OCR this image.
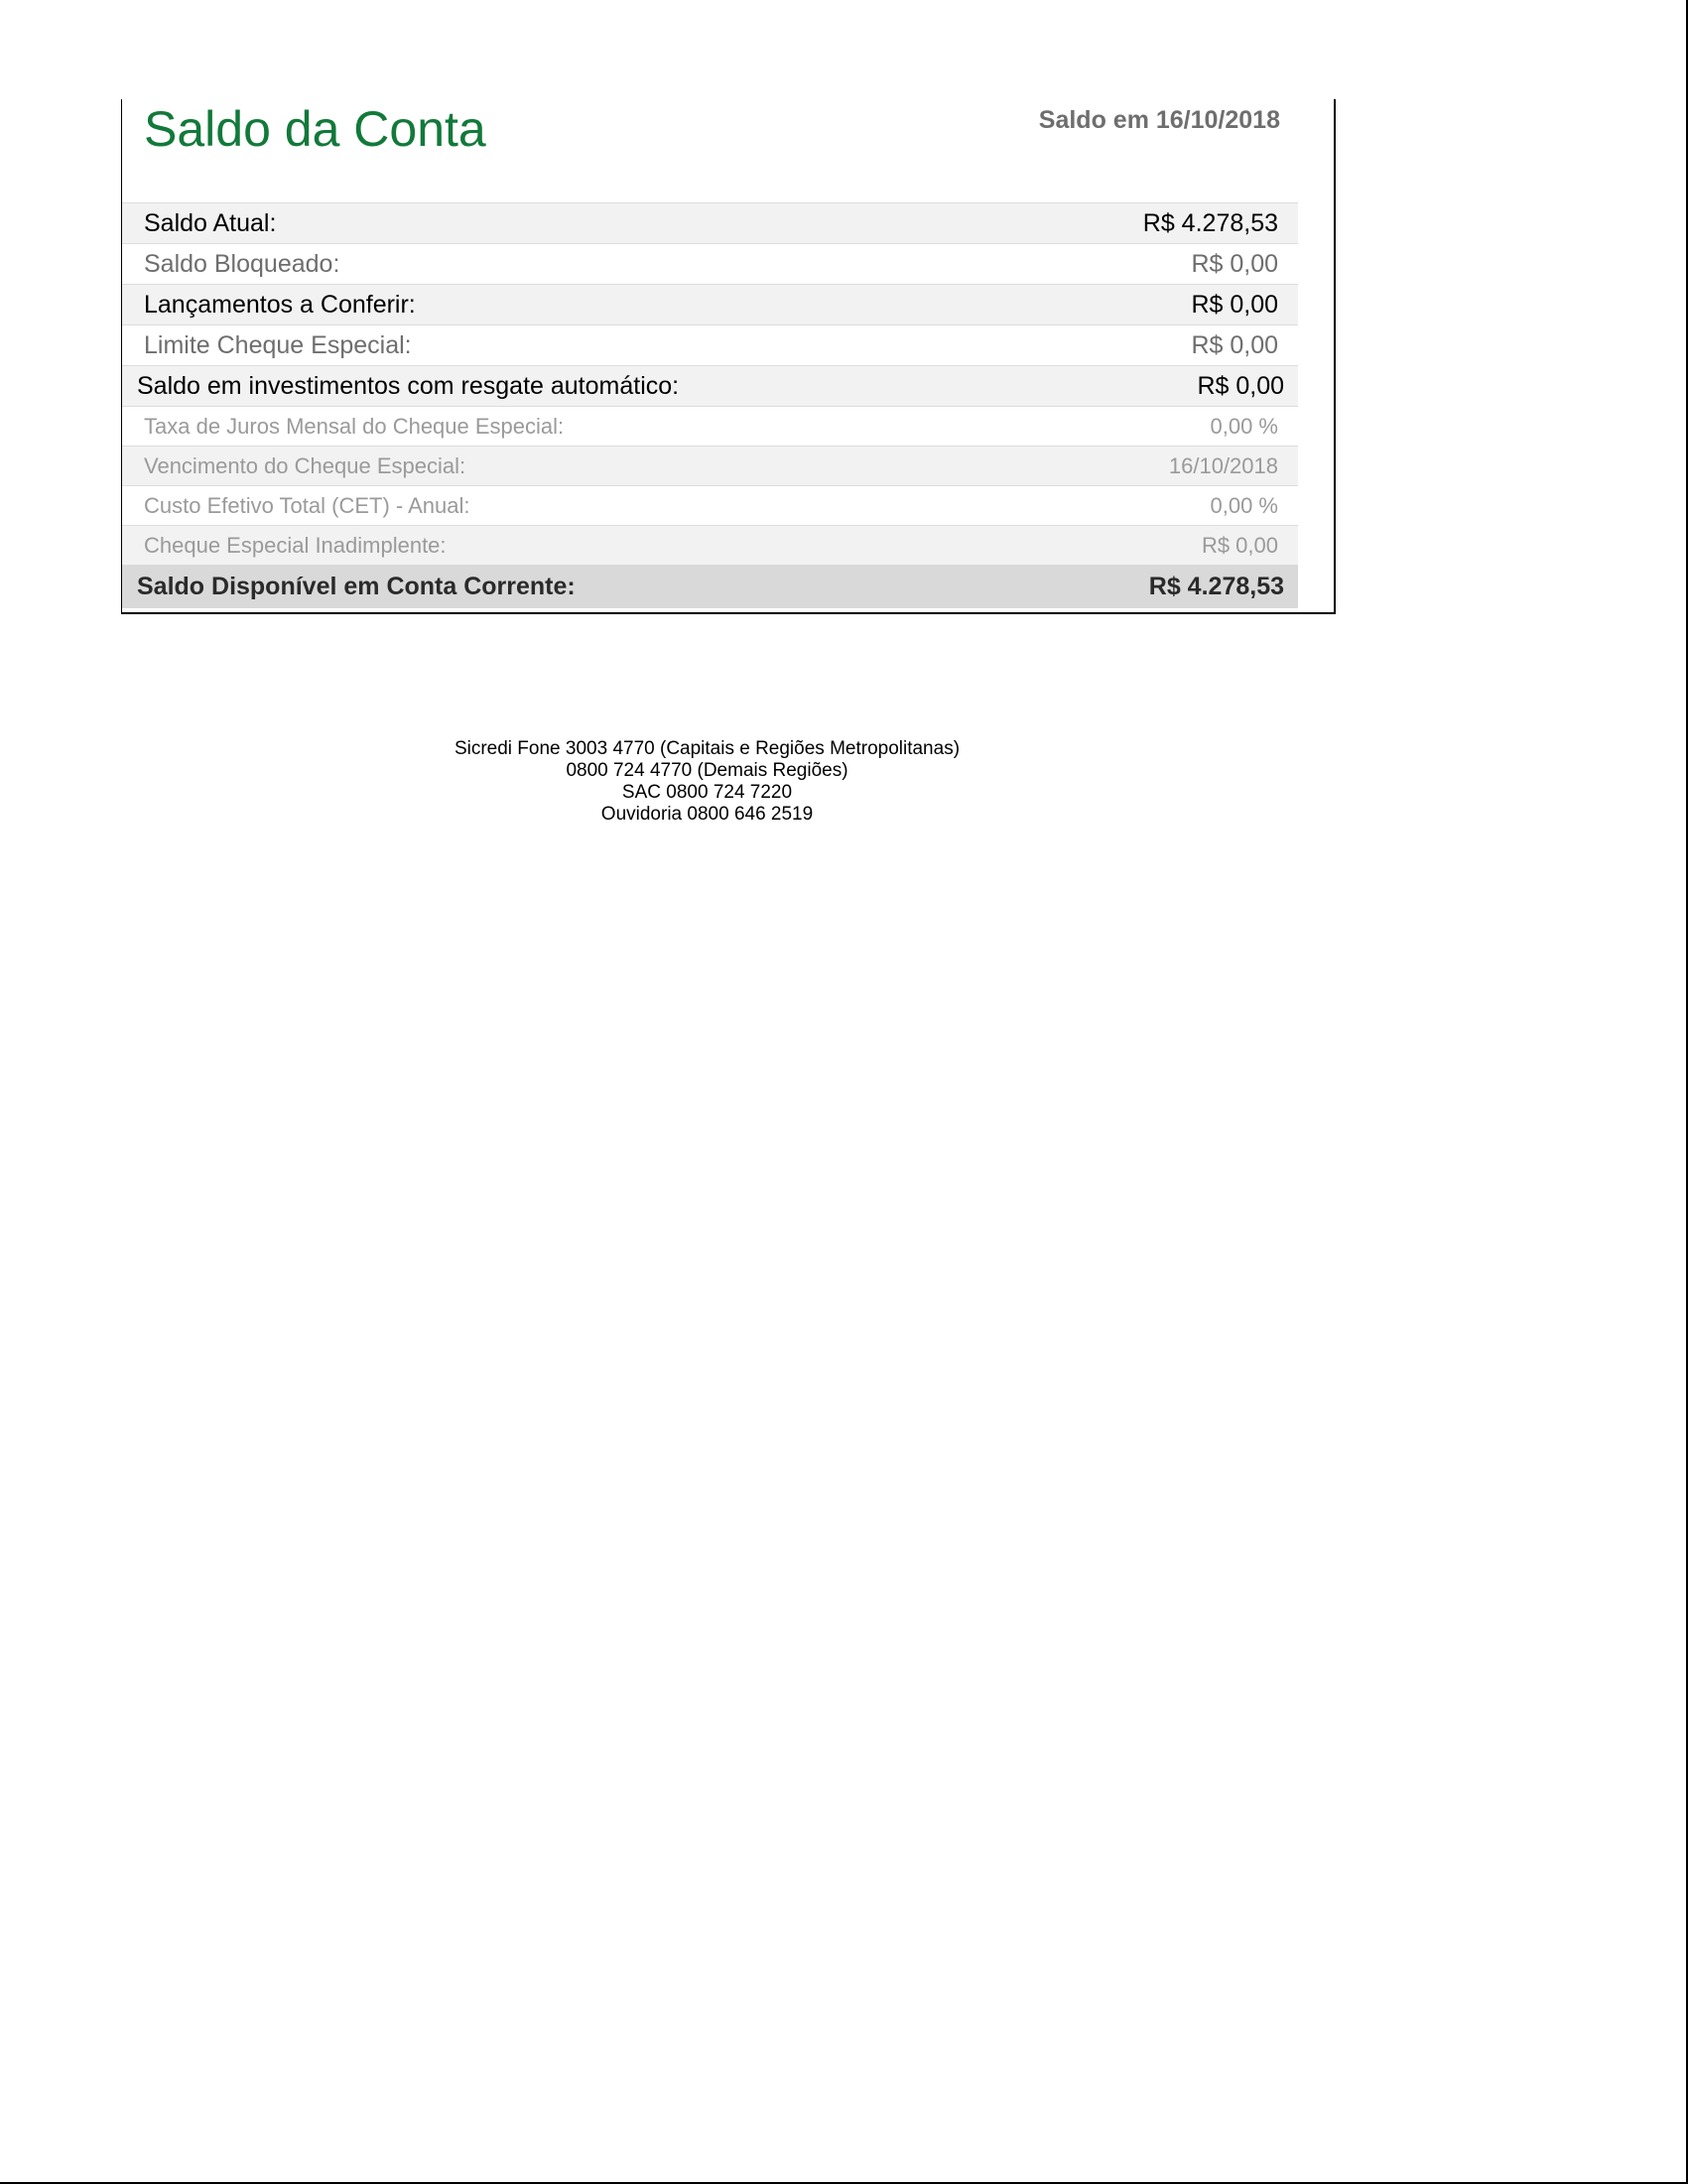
Saldo da Conta	Saldo em 16/10/2018
Saldo Atual:	R$ 4.278,53
Saldo Bloqueado:	R$ 0,00
Lançamentos a Conferir:	R$ 0,00
Limite Cheque Especial:	R$ 0,00
Saldo em investimentos com resgate automático:	R$ 0,00
Taxa de Juros Mensal do Cheque Especial:	0,00 %
Vencimento do Cheque Especial:	16/10/2018
Custo Efetivo Total (CET) - Anual:	0,00 %
Cheque Especial Inadimplente:	R$ 0,00
Saldo Disponível em Conta Corrente:	R$ 4.278,53
Sicredi Fone 3003 4770 (Capitais e Regiões Metropolitanas)
0800 724 4770 (Demais Regiões)
SAC 0800 724 7220
Ouvidoria 0800 646 2519
